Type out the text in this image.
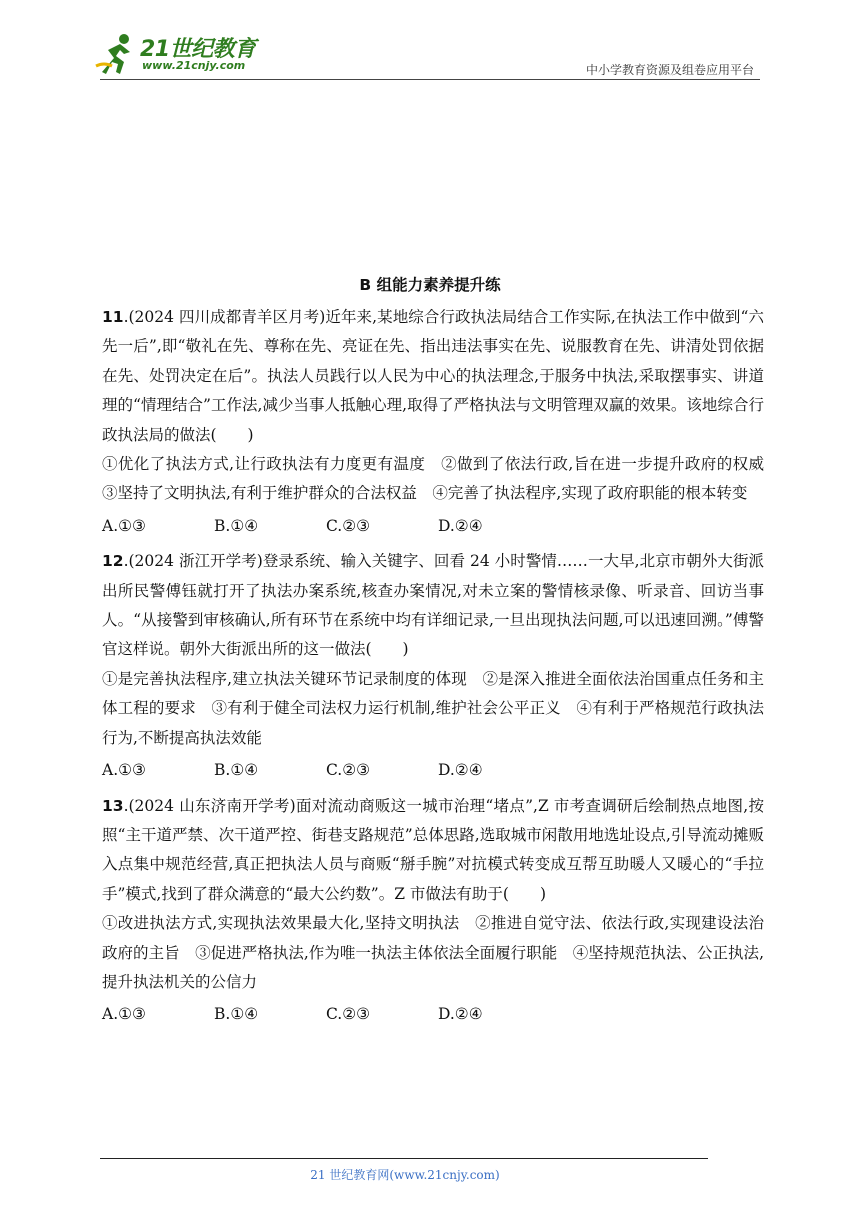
21世纪教育
www.21cnjy.com	中小学教育资源及组卷应用平台
B 组能力素养提升练

11.(2024 四川成都青羊区月考)近年来,某地综合行政执法局结合工作实际,在执法工作中做到“六先一后”,即“敬礼在先、尊称在先、亮证在先、指出违法事实在先、说服教育在先、讲清处罚依据在先、处罚决定在后”。执法人员践行以人民为中心的执法理念,于服务中执法,采取摆事实、讲道理的“情理结合”工作法,减少当事人抵触心理,取得了严格执法与文明管理双赢的效果。该地综合行政执法局的做法(　　)

①优化了执法方式,让行政执法有力度更有温度　②做到了依法行政,旨在进一步提升政府的权威　③坚持了文明执法,有利于维护群众的合法权益　④完善了执法程序,实现了政府职能的根本转变

A.①③	B.①④	C.②③	D.②④

12.(2024 浙江开学考)登录系统、输入关键字、回看 24 小时警情……一大早,北京市朝外大街派出所民警傅钰就打开了执法办案系统,核查办案情况,对未立案的警情核录像、听录音、回访当事人。“从接警到审核确认,所有环节在系统中均有详细记录,一旦出现执法问题,可以迅速回溯。”傅警官这样说。朝外大街派出所的这一做法(　　)

①是完善执法程序,建立执法关键环节记录制度的体现　②是深入推进全面依法治国重点任务和主体工程的要求　③有利于健全司法权力运行机制,维护社会公平正义　④有利于严格规范行政执法行为,不断提高执法效能

A.①③	B.①④	C.②③	D.②④

13.(2024 山东济南开学考)面对流动商贩这一城市治理“堵点”,Z 市考查调研后绘制热点地图,按照“主干道严禁、次干道严控、街巷支路规范”总体思路,选取城市闲散用地选址设点,引导流动摊贩入点集中规范经营,真正把执法人员与商贩“掰手腕”对抗模式转变成互帮互助暖人又暖心的“手拉手”模式,找到了群众满意的“最大公约数”。Z 市做法有助于(　　)

①改进执法方式,实现执法效果最大化,坚持文明执法　②推进自觉守法、依法行政,实现建设法治政府的主旨　③促进严格执法,作为唯一执法主体依法全面履行职能　④坚持规范执法、公正执法,提升执法机关的公信力

A.①③	B.①④	C.②③	D.②④
21 世纪教育网(www.21cnjy.com)
